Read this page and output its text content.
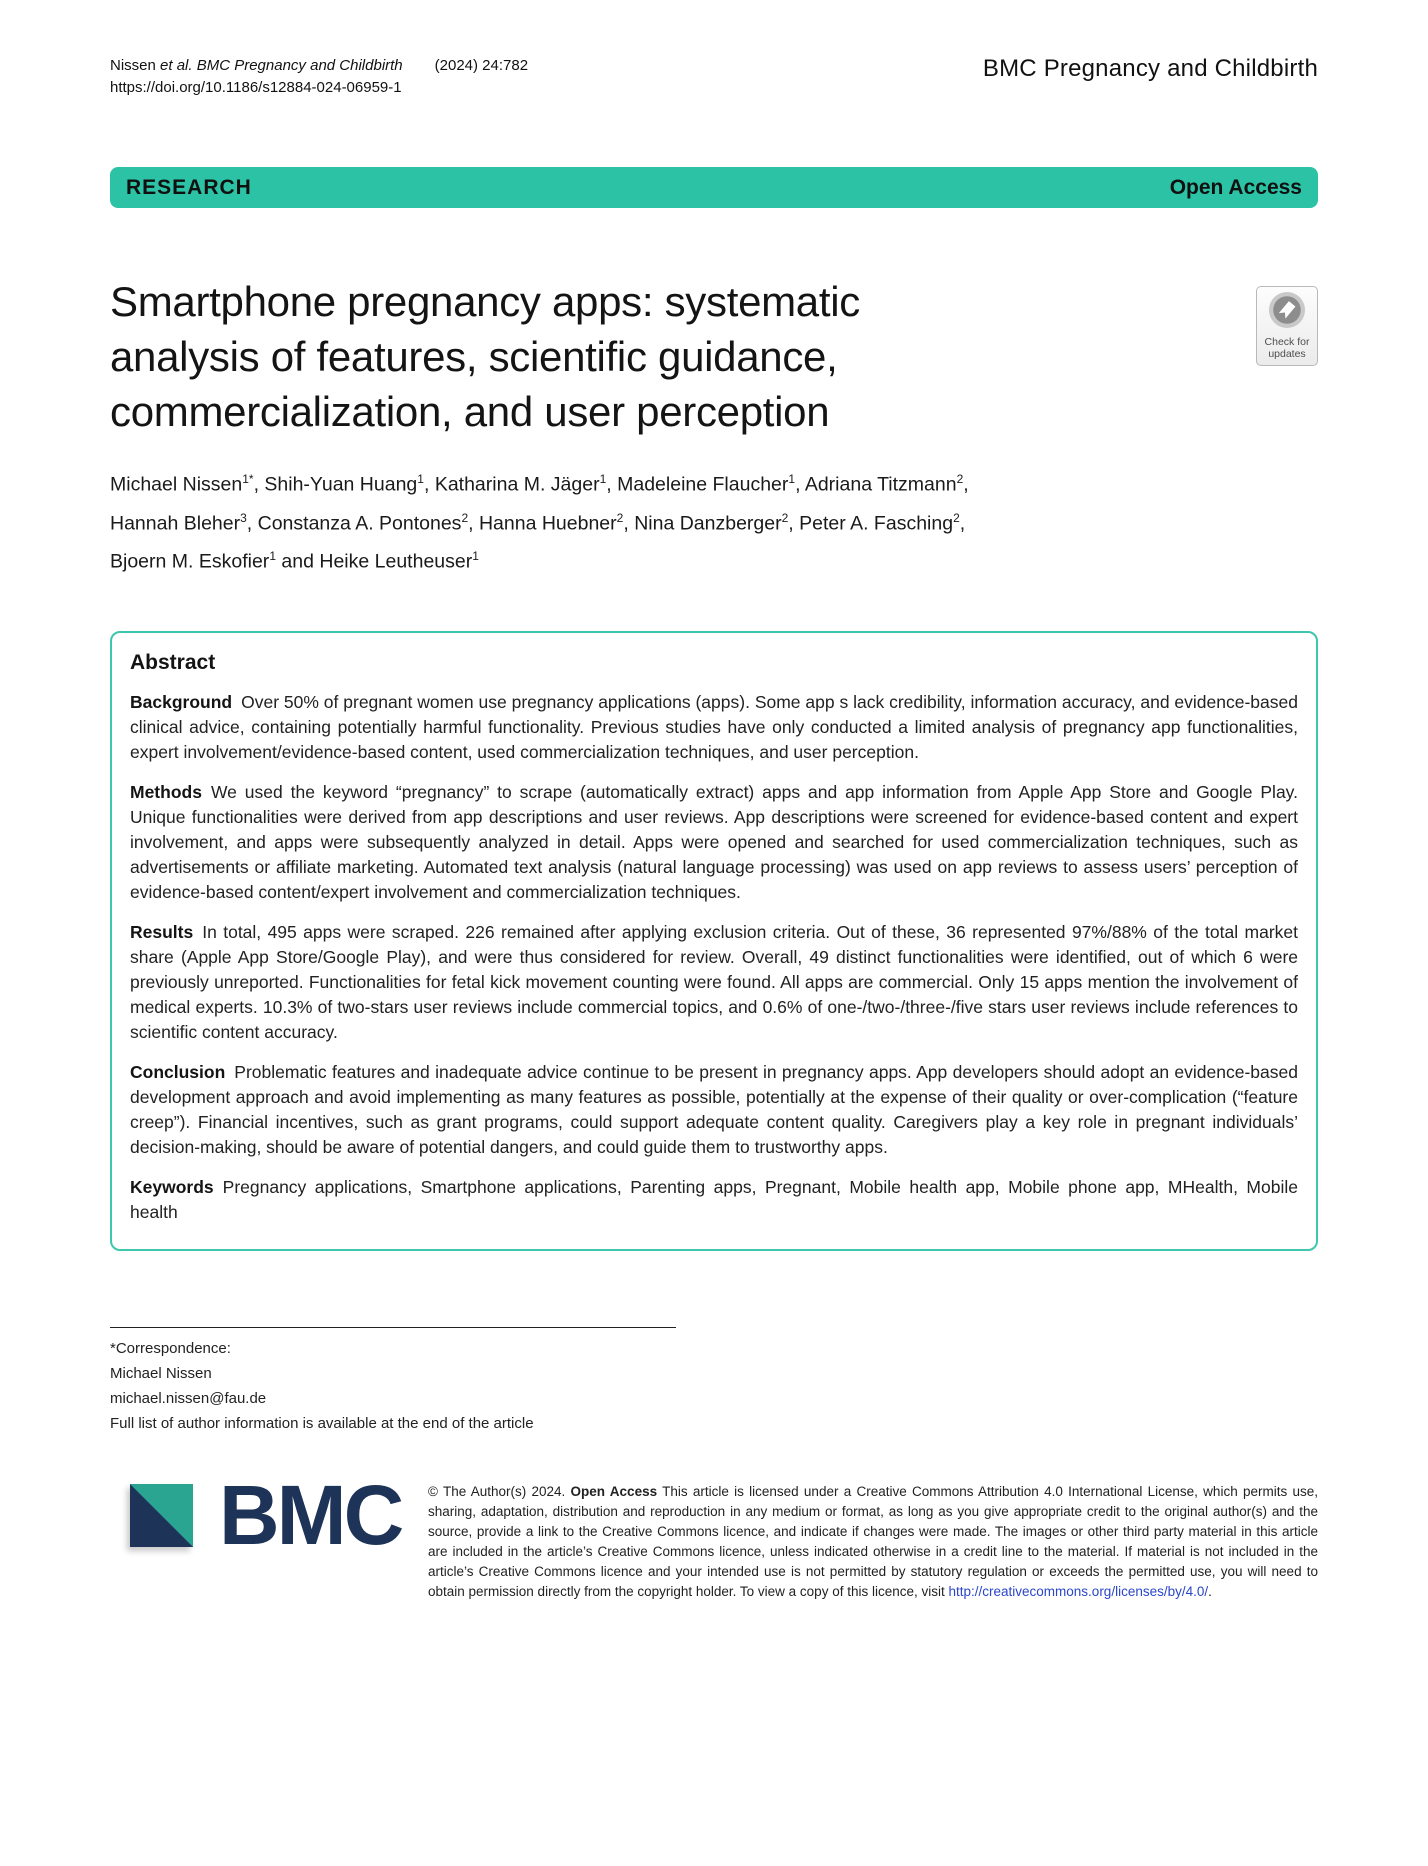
Nissen et al. BMC Pregnancy and Childbirth (2024) 24:782
https://doi.org/10.1186/s12884-024-06959-1
BMC Pregnancy and Childbirth
RESEARCH	Open Access
Check for
updates
Smartphone pregnancy apps: systematic analysis of features, scientific guidance, commercialization, and user perception
Michael Nissen$^{1*}$, Shih-Yuan Huang$^1$, Katharina M. Jäger$^1$, Madeleine Flaucher$^1$, Adriana Titzmann$^2$, Hannah Bleher$^3$, Constanza A. Pontones$^2$, Hanna Huebner$^2$, Nina Danzberger$^2$, Peter A. Fasching$^2$, Bjoern M. Eskofier$^1$ and Heike Leutheuser$^1$
Abstract

Background Over 50% of pregnant women use pregnancy applications (apps). Some app s lack credibility, information accuracy, and evidence-based clinical advice, containing potentially harmful functionality. Previous studies have only conducted a limited analysis of pregnancy app functionalities, expert involvement/evidence-based content, used commercialization techniques, and user perception.

Methods We used the keyword “pregnancy” to scrape (automatically extract) apps and app information from Apple App Store and Google Play. Unique functionalities were derived from app descriptions and user reviews. App descriptions were screened for evidence-based content and expert involvement, and apps were subsequently analyzed in detail. Apps were opened and searched for used commercialization techniques, such as advertisements or affiliate marketing. Automated text analysis (natural language processing) was used on app reviews to assess users’ perception of evidence-based content/expert involvement and commercialization techniques.

Results In total, 495 apps were scraped. 226 remained after applying exclusion criteria. Out of these, 36 represented 97%/88% of the total market share (Apple App Store/Google Play), and were thus considered for review. Overall, 49 distinct functionalities were identified, out of which 6 were previously unreported. Functionalities for fetal kick movement counting were found. All apps are commercial. Only 15 apps mention the involvement of medical experts. 10.3% of two-stars user reviews include commercial topics, and 0.6% of one-/two-/three-/five stars user reviews include references to scientific content accuracy.

Conclusion Problematic features and inadequate advice continue to be present in pregnancy apps. App developers should adopt an evidence-based development approach and avoid implementing as many features as possible, potentially at the expense of their quality or over-complication (“feature creep”). Financial incentives, such as grant programs, could support adequate content quality. Caregivers play a key role in pregnant individuals’ decision-making, should be aware of potential dangers, and could guide them to trustworthy apps.

Keywords Pregnancy applications, Smartphone applications, Parenting apps, Pregnant, Mobile health app, Mobile phone app, MHealth, Mobile health

*Correspondence:
Michael Nissen
michael.nissen@fau.de
Full list of author information is available at the end of the article
BMC © The Author(s) 2024. Open Access This article is licensed under a Creative Commons Attribution 4.0 International License, which permits use, sharing, adaptation, distribution and reproduction in any medium or format, as long as you give appropriate credit to the original author(s) and the source, provide a link to the Creative Commons licence, and indicate if changes were made. The images or other third party material in this article are included in the article’s Creative Commons licence, unless indicated otherwise in a credit line to the material. If material is not included in the article’s Creative Commons licence and your intended use is not permitted by statutory regulation or exceeds the permitted use, you will need to obtain permission directly from the copyright holder. To view a copy of this licence, visit http://creativecommons.org/licenses/by/4.0/.
